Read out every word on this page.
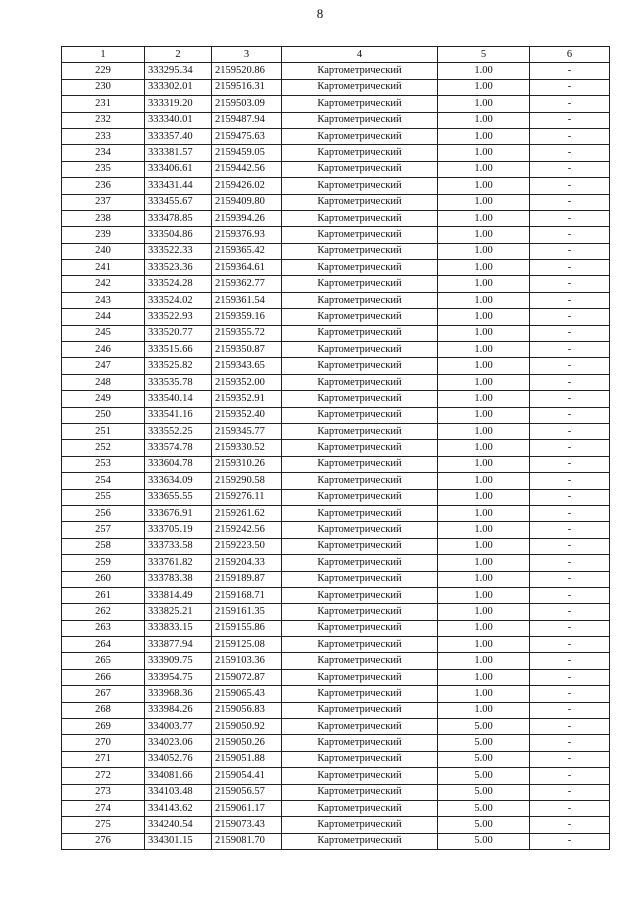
8
1	2	3	4	5	6
229	333295.34	2159520.86	Картометрический	1.00	-
230	333302.01	2159516.31	Картометрический	1.00	-
231	333319.20	2159503.09	Картометрический	1.00	-
232	333340.01	2159487.94	Картометрический	1.00	-
233	333357.40	2159475.63	Картометрический	1.00	-
234	333381.57	2159459.05	Картометрический	1.00	-
235	333406.61	2159442.56	Картометрический	1.00	-
236	333431.44	2159426.02	Картометрический	1.00	-
237	333455.67	2159409.80	Картометрический	1.00	-
238	333478.85	2159394.26	Картометрический	1.00	-
239	333504.86	2159376.93	Картометрический	1.00	-
240	333522.33	2159365.42	Картометрический	1.00	-
241	333523.36	2159364.61	Картометрический	1.00	-
242	333524.28	2159362.77	Картометрический	1.00	-
243	333524.02	2159361.54	Картометрический	1.00	-
244	333522.93	2159359.16	Картометрический	1.00	-
245	333520.77	2159355.72	Картометрический	1.00	-
246	333515.66	2159350.87	Картометрический	1.00	-
247	333525.82	2159343.65	Картометрический	1.00	-
248	333535.78	2159352.00	Картометрический	1.00	-
249	333540.14	2159352.91	Картометрический	1.00	-
250	333541.16	2159352.40	Картометрический	1.00	-
251	333552.25	2159345.77	Картометрический	1.00	-
252	333574.78	2159330.52	Картометрический	1.00	-
253	333604.78	2159310.26	Картометрический	1.00	-
254	333634.09	2159290.58	Картометрический	1.00	-
255	333655.55	2159276.11	Картометрический	1.00	-
256	333676.91	2159261.62	Картометрический	1.00	-
257	333705.19	2159242.56	Картометрический	1.00	-
258	333733.58	2159223.50	Картометрический	1.00	-
259	333761.82	2159204.33	Картометрический	1.00	-
260	333783.38	2159189.87	Картометрический	1.00	-
261	333814.49	2159168.71	Картометрический	1.00	-
262	333825.21	2159161.35	Картометрический	1.00	-
263	333833.15	2159155.86	Картометрический	1.00	-
264	333877.94	2159125.08	Картометрический	1.00	-
265	333909.75	2159103.36	Картометрический	1.00	-
266	333954.75	2159072.87	Картометрический	1.00	-
267	333968.36	2159065.43	Картометрический	1.00	-
268	333984.26	2159056.83	Картометрический	1.00	-
269	334003.77	2159050.92	Картометрический	5.00	-
270	334023.06	2159050.26	Картометрический	5.00	-
271	334052.76	2159051.88	Картометрический	5.00	-
272	334081.66	2159054.41	Картометрический	5.00	-
273	334103.48	2159056.57	Картометрический	5.00	-
274	334143.62	2159061.17	Картометрический	5.00	-
275	334240.54	2159073.43	Картометрический	5.00	-
276	334301.15	2159081.70	Картометрический	5.00	-
